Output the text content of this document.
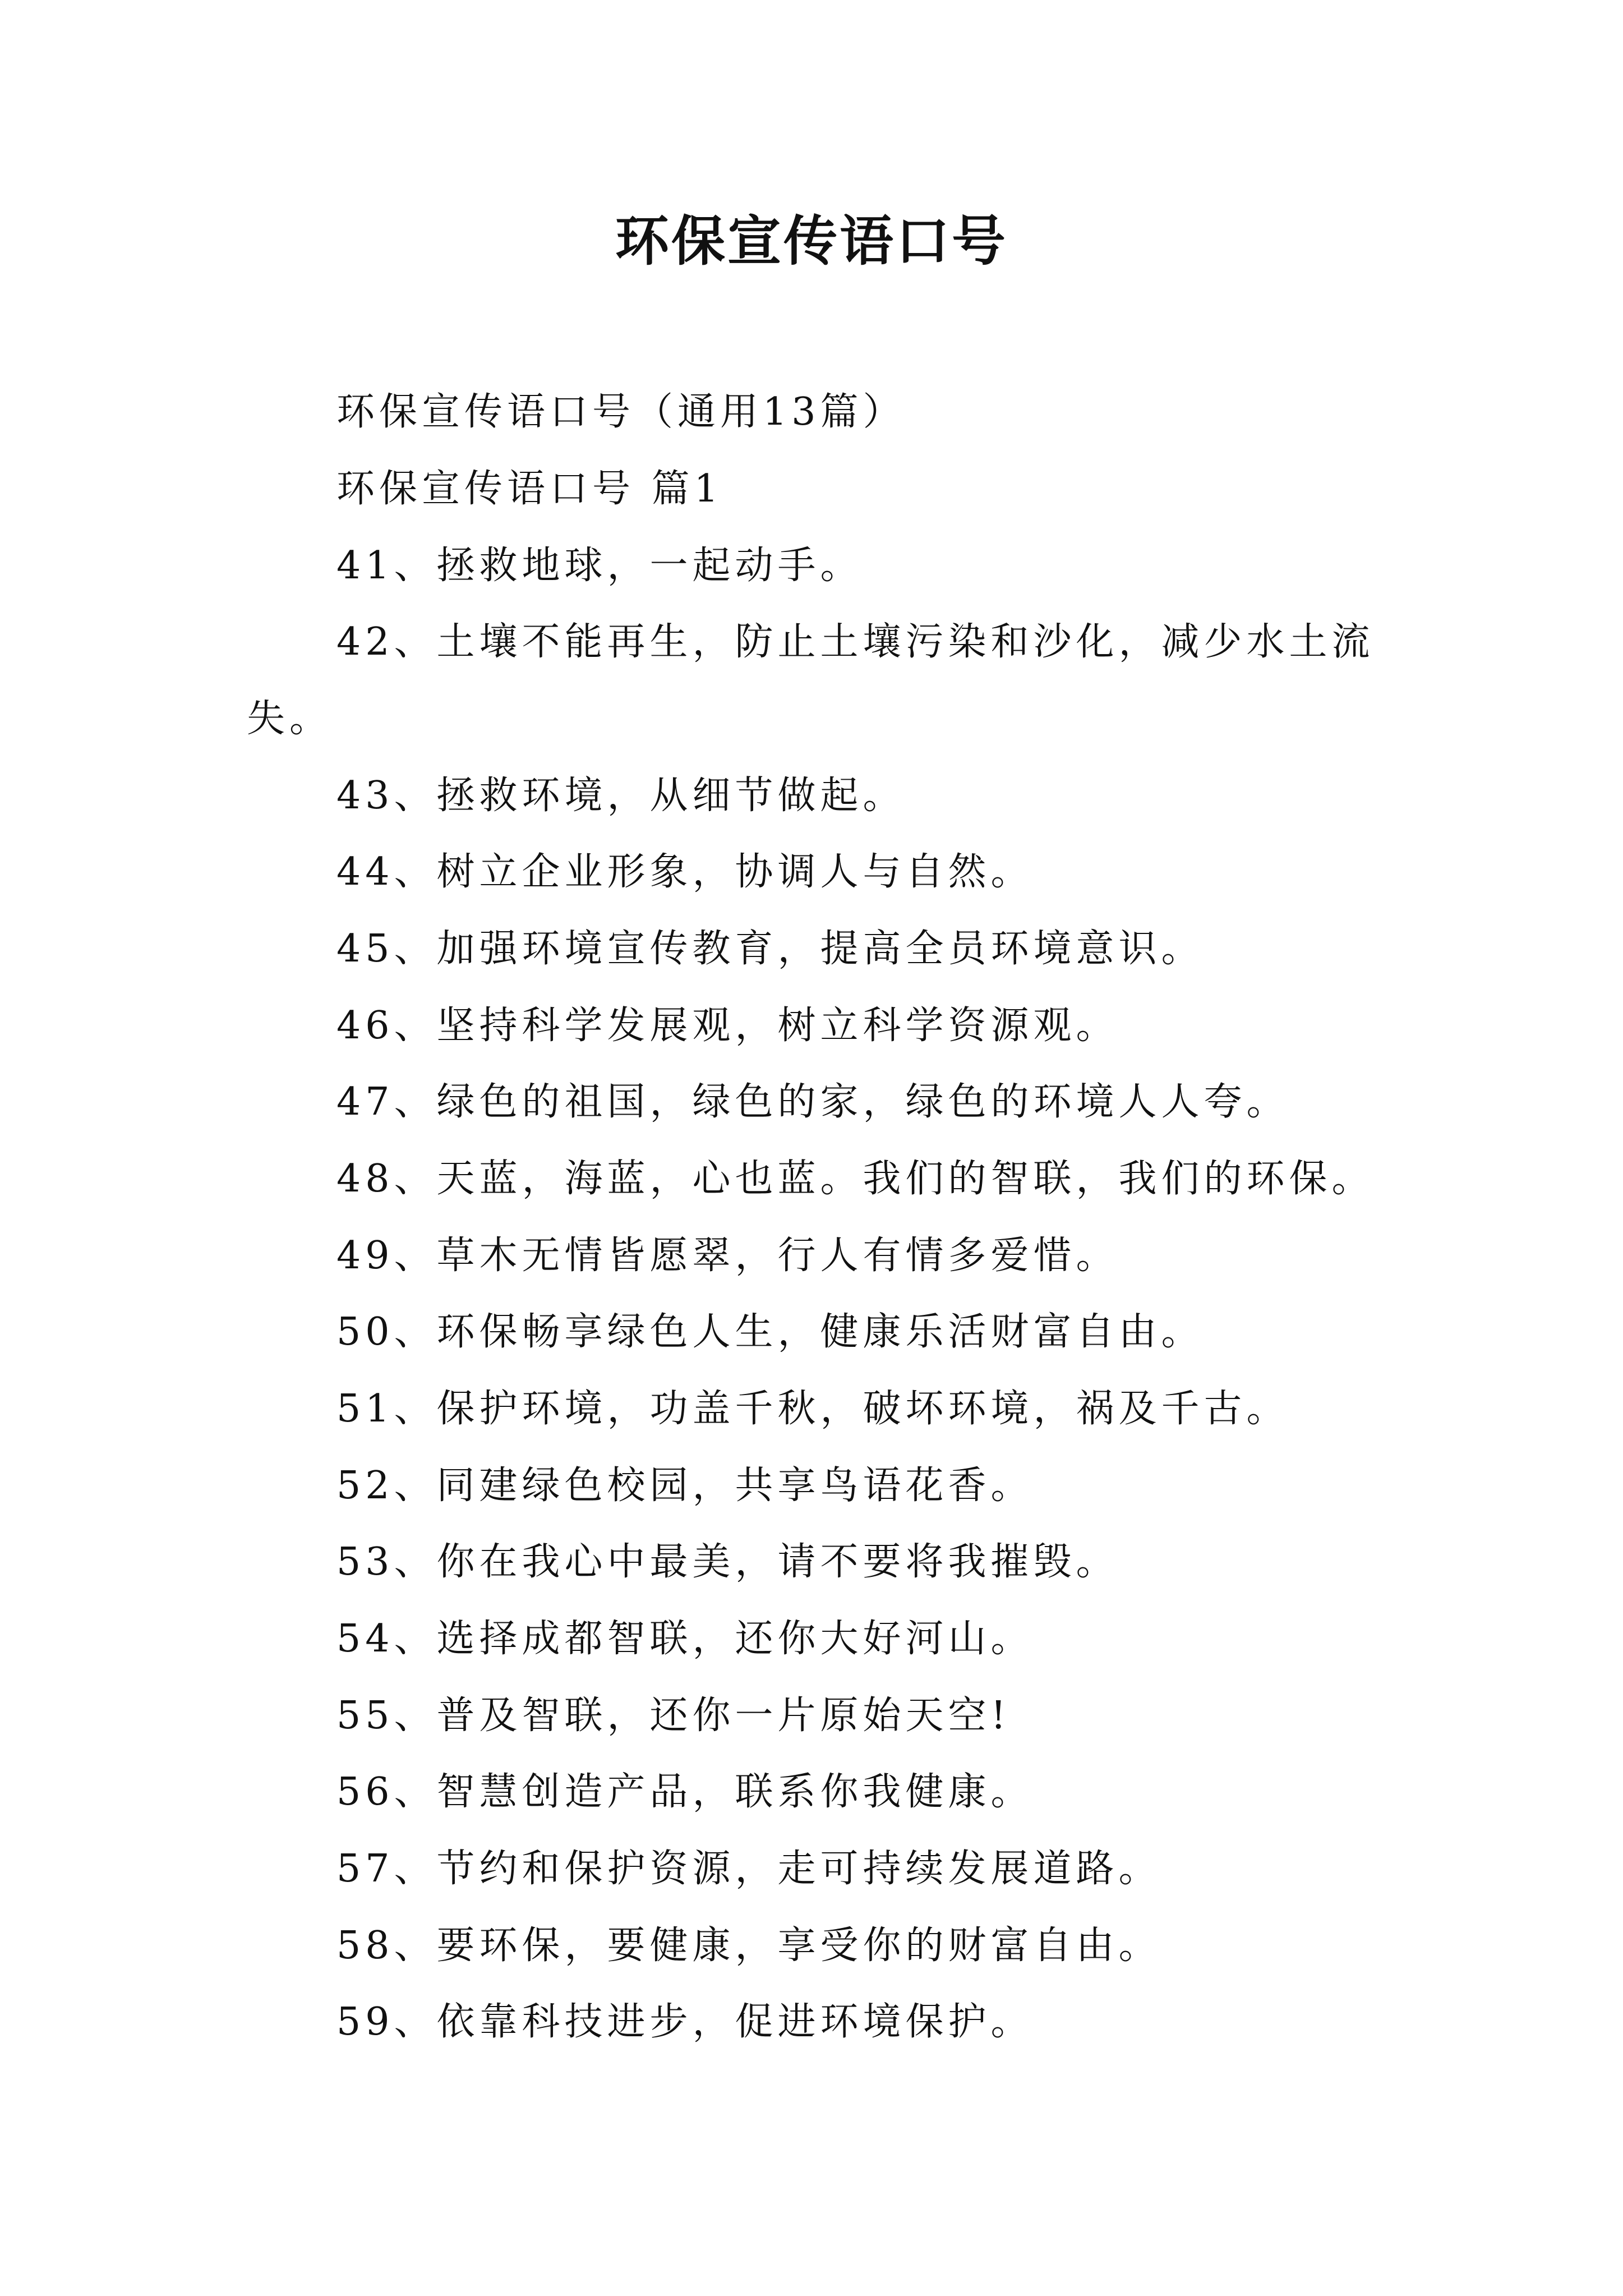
环保宣传语口号
环保宣传语口号（通用13篇）
环保宣传语口号 篇1
41、拯救地球，一起动手。
42、土壤不能再生，防止土壤污染和沙化，减少水土流
失。
43、拯救环境，从细节做起。
44、树立企业形象，协调人与自然。
45、加强环境宣传教育，提高全员环境意识。
46、坚持科学发展观，树立科学资源观。
47、绿色的祖国，绿色的家，绿色的环境人人夸。
48、天蓝，海蓝，心也蓝。我们的智联，我们的环保。
49、草木无情皆愿翠，行人有情多爱惜。
50、环保畅享绿色人生，健康乐活财富自由。
51、保护环境，功盖千秋，破坏环境，祸及千古。
52、同建绿色校园，共享鸟语花香。
53、你在我心中最美，请不要将我摧毁。
54、选择成都智联，还你大好河山。
55、普及智联，还你一片原始天空!
56、智慧创造产品，联系你我健康。
57、节约和保护资源，走可持续发展道路。
58、要环保，要健康，享受你的财富自由。
59、依靠科技进步，促进环境保护。
